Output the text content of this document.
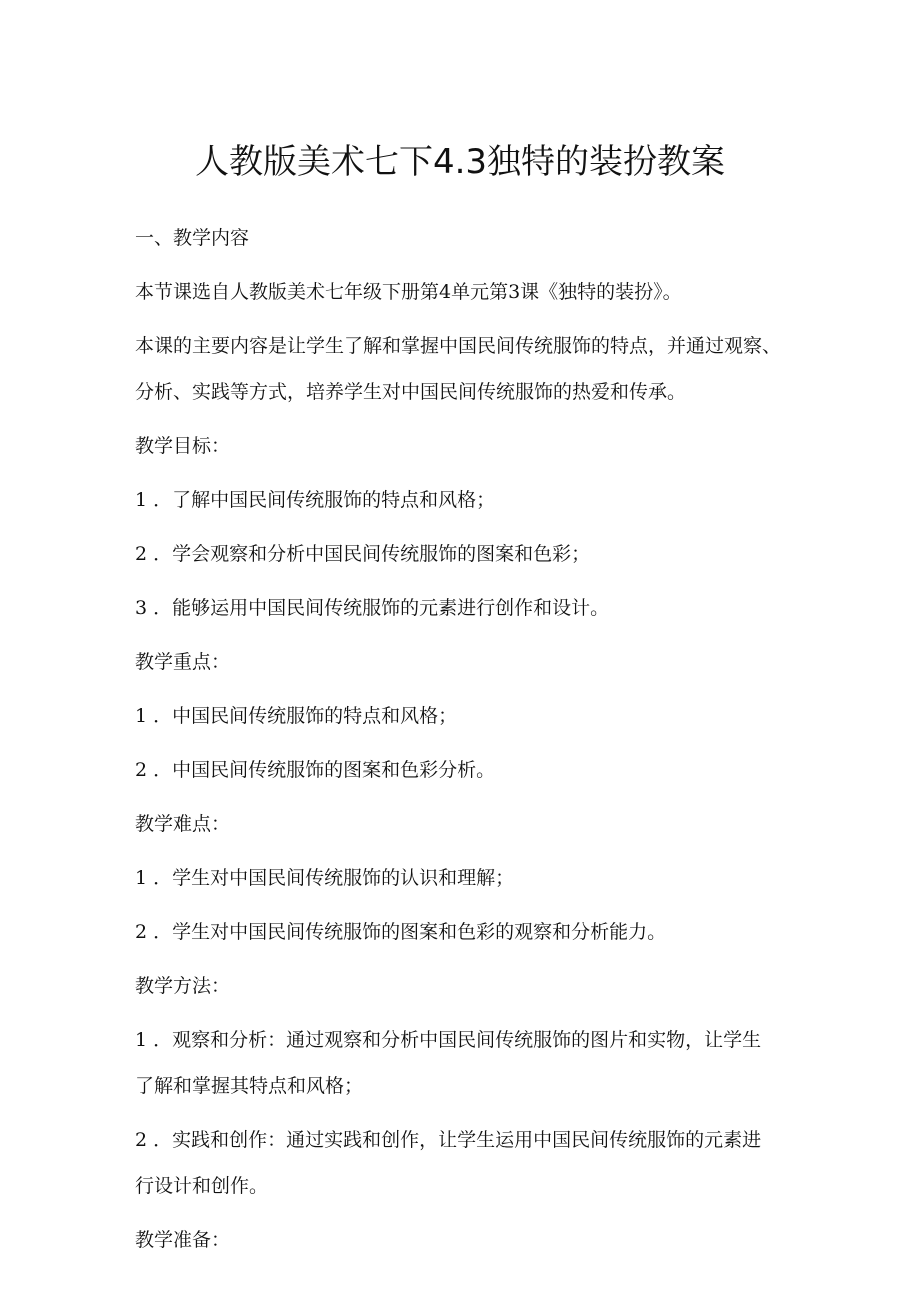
人教版美术七下4.3独特的装扮教案

一、教学内容

本节课选自人教版美术七年级下册第4单元第3课《独特的装扮》。

本课的主要内容是让学生了解和掌握中国民间传统服饰的特点，并通过观察、

分析、实践等方式，培养学生对中国民间传统服饰的热爱和传承。

教学目标：

1 ．了解中国民间传统服饰的特点和风格；

2 ．学会观察和分析中国民间传统服饰的图案和色彩；

3 ．能够运用中国民间传统服饰的元素进行创作和设计。

教学重点：

1 ．中国民间传统服饰的特点和风格；

2 ．中国民间传统服饰的图案和色彩分析。

教学难点：

1 ．学生对中国民间传统服饰的认识和理解；

2 ．学生对中国民间传统服饰的图案和色彩的观察和分析能力。

教学方法：

1 ．观察和分析：通过观察和分析中国民间传统服饰的图片和实物，让学生

了解和掌握其特点和风格；

2 ．实践和创作：通过实践和创作，让学生运用中国民间传统服饰的元素进

行设计和创作。

教学准备：
